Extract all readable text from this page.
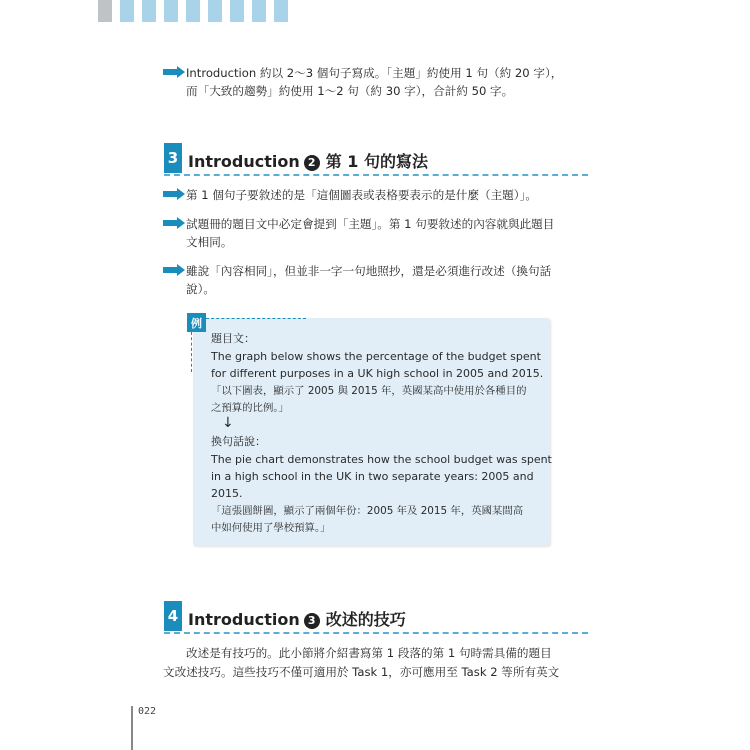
Introduction 約以 2～3 個句子寫成。「主題」約使用 1 句（約 20 字），
而「大致的趨勢」約使用 1～2 句（約 30 字），合計約 50 字。
3 Introduction 2 第 1 句的寫法
第 1 個句子要敘述的是「這個圖表或表格要表示的是什麼（主題）」。
試題冊的題目文中必定會提到「主題」。第 1 句要敘述的內容就與此題目
文相同。
雖說「內容相同」，但並非一字一句地照抄，還是必須進行改述（換句話
說）。
例
題目文：
The graph below shows the percentage of the budget spent
for different purposes in a UK high school in 2005 and 2015.
「以下圖表，顯示了 2005 與 2015 年，英國某高中使用於各種目的
之預算的比例。」
↓
換句話說：
The pie chart demonstrates how the school budget was spent
in a high school in the UK in two separate years: 2005 and
2015.
「這張圓餅圖，顯示了兩個年份：2005 年及 2015 年，英國某間高
中如何使用了學校預算。」
4 Introduction 3 改述的技巧

改述是有技巧的。此小節將介紹書寫第 1 段落的第 1 句時需具備的題目

文改述技巧。這些技巧不僅可適用於 Task 1，亦可應用至 Task 2 等所有英文

022
